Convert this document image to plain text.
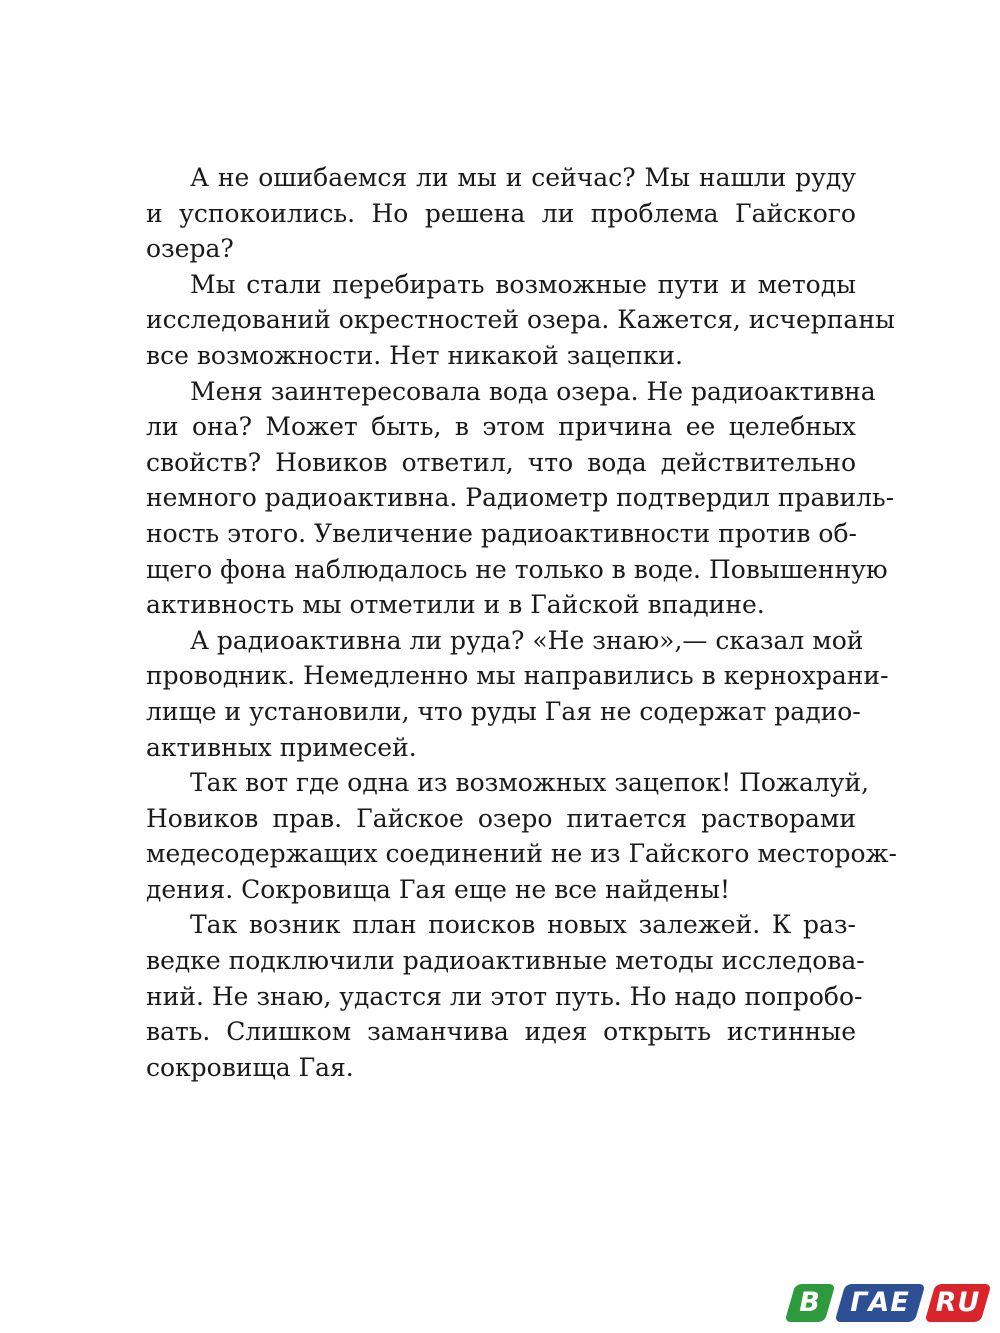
А не ошибаемся ли мы и сейчас? Мы нашли руду
и успокоились. Но решена ли проблема Гайского
озера?
Мы стали перебирать возможные пути и методы
исследований окрестностей озера. Кажется, исчерпаны
все возможности. Нет никакой зацепки.
Меня заинтересовала вода озера. Не радиоактивна
ли она? Может быть, в этом причина ее целебных
свойств? Новиков ответил, что вода действительно
немного радиоактивна. Радиометр подтвердил правиль-
ность этого. Увеличение радиоактивности против об-
щего фона наблюдалось не только в воде. Повышенную
активность мы отметили и в Гайской впадине.
А радиоактивна ли руда? «Не знаю»,— сказал мой
проводник. Немедленно мы направились в кернохрани-
лище и установили, что руды Гая не содержат радио-
активных примесей.
Так вот где одна из возможных зацепок! Пожалуй,
Новиков прав. Гайское озеро питается растворами
медесодержащих соединений не из Гайского месторож-
дения. Сокровища Гая еще не все найдены!
Так возник план поисков новых залежей. К раз-
ведке подключили радиоактивные методы исследова-
ний. Не знаю, удастся ли этот путь. Но надо попробо-
вать. Слишком заманчива идея открыть истинные
сокровища Гая.
В	ГАЕ RU
